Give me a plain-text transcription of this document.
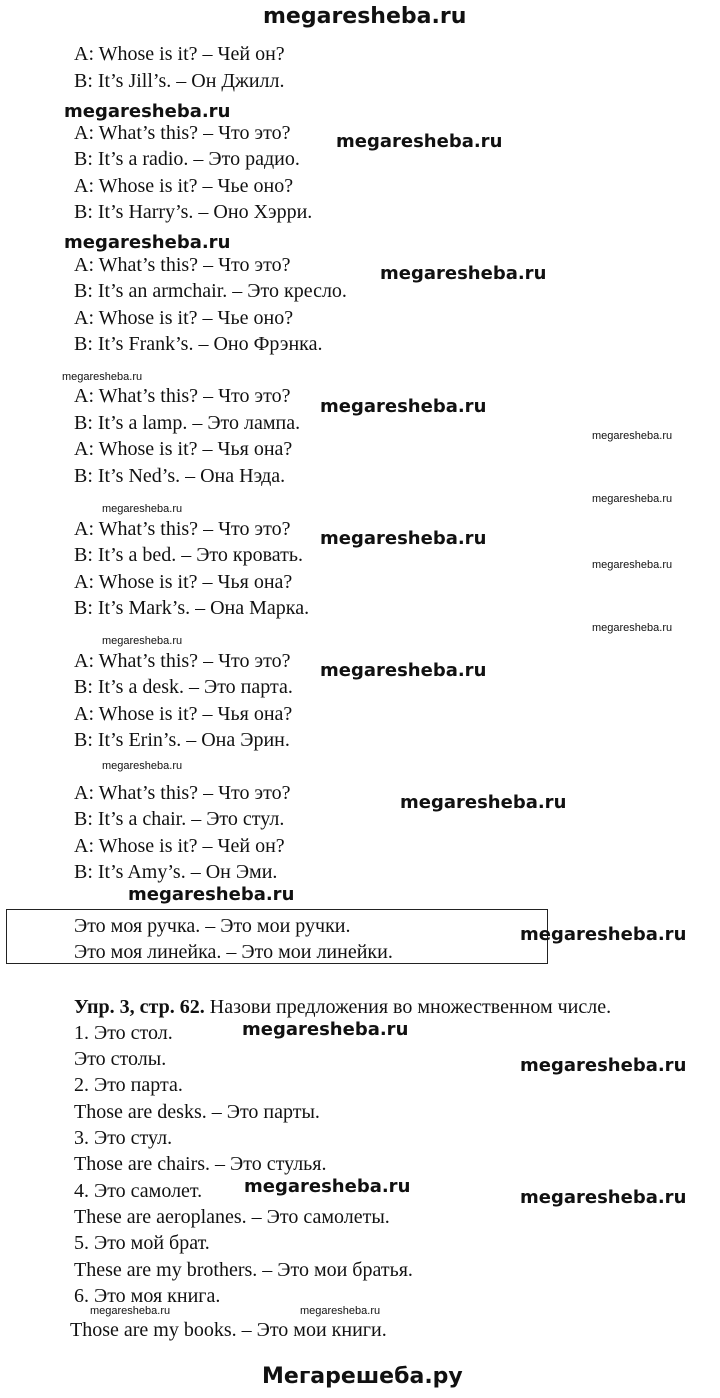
megaresheba.ru
A: Whose is it? – Чей он?
B: It’s Jill’s. – Он Джилл.
megaresheba.ru
A: What’s this? – Что это?	megaresheba.ru
B: It’s a radio. – Это радио.
A: Whose is it? – Чье оно?
B: It’s Harry’s. – Оно Хэрри.
megaresheba.ru
A: What’s this? – Что это?	megaresheba.ru
B: It’s an armchair. – Это кресло.
A: Whose is it? – Чье оно?
B: It’s Frank’s. – Оно Фрэнка.
megaresheba.ru
A: What’s this? – Что это? megaresheba.ru
B: It’s a lamp. – Это лампа.
megaresheba.ru
A: Whose is it? – Чья она?
B: It’s Ned’s. – Она Нэда.
megaresheba.ru
megaresheba.ru
A: What’s this? – Что это? megaresheba.ru
B: It’s a bed. – Это кровать.	megaresheba.ru
A: Whose is it? – Чья она?
B: It’s Mark’s. – Она Марка.
megaresheba.ru
megaresheba.ru
A: What’s this? – Что это? megaresheba.ru
B: It’s a desk. – Это парта.
A: Whose is it? – Чья она?
B: It’s Erin’s. – Она Эрин.
megaresheba.ru
A: What’s this? – Что это?	megaresheba.ru
B: It’s a chair. – Это стул.
A: Whose is it? – Чей он?
B: It’s Amy’s. – Он Эми.
megaresheba.ru
Это моя ручка. – Это мои ручки.
Это моя линейка. – Это мои линейки.
megaresheba.ru
Упр. 3, стр. 62. Назови предложения во множественном числе.
1. Это стол.	megaresheba.ru
Это столы.	megaresheba.ru
2. Это парта.
Those are desks. – Это парты.
3. Это стул.
Those are chairs. – Это стулья.
4. Это самолет. megaresheba.ru
megaresheba.ru
These are aeroplanes. – Это самолеты.
5. Это мой брат.
These are my brothers. – Это мои братья.
6. Это моя книга.
megaresheba.ru	megaresheba.ru
Those are my books. – Это мои книги.
Мегарешеба.ру
